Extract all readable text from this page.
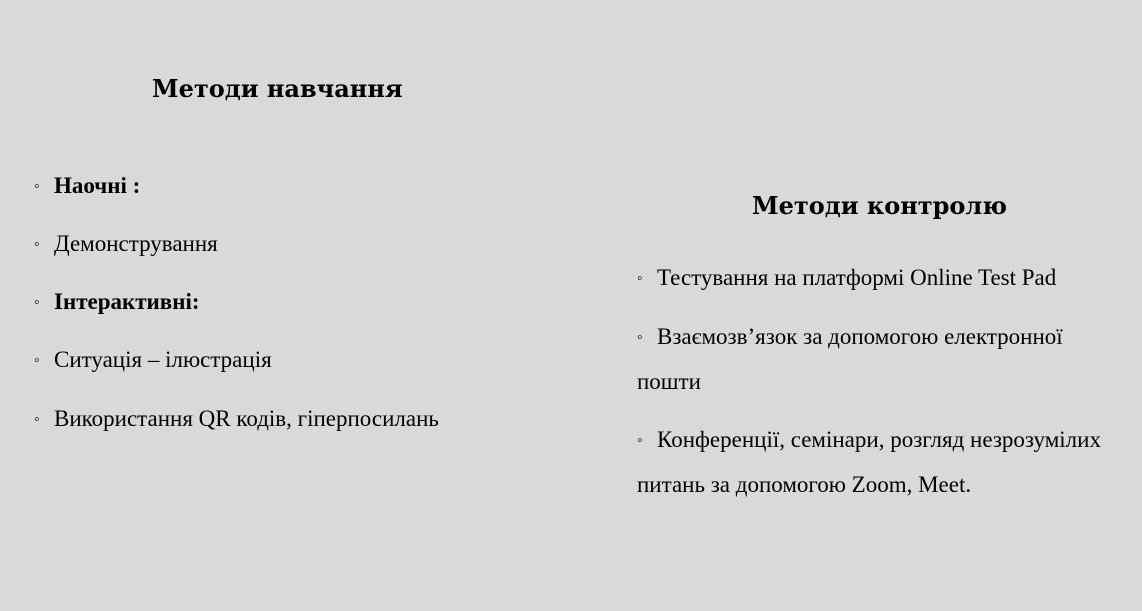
Методи навчання
◦ Наочні :
◦ Демонстрування
◦ Інтерактивні:
◦ Ситуація – ілюстрація
◦ Використання QR кодів, гіперпосилань
Методи контролю
◦ Тестування на платформі Online Test Pad
◦ Взаємозв’язок за допомогою електронної пошти
◦ Конференції, семінари, розгляд незрозумілих питань за допомогою Zoom, Meet.
